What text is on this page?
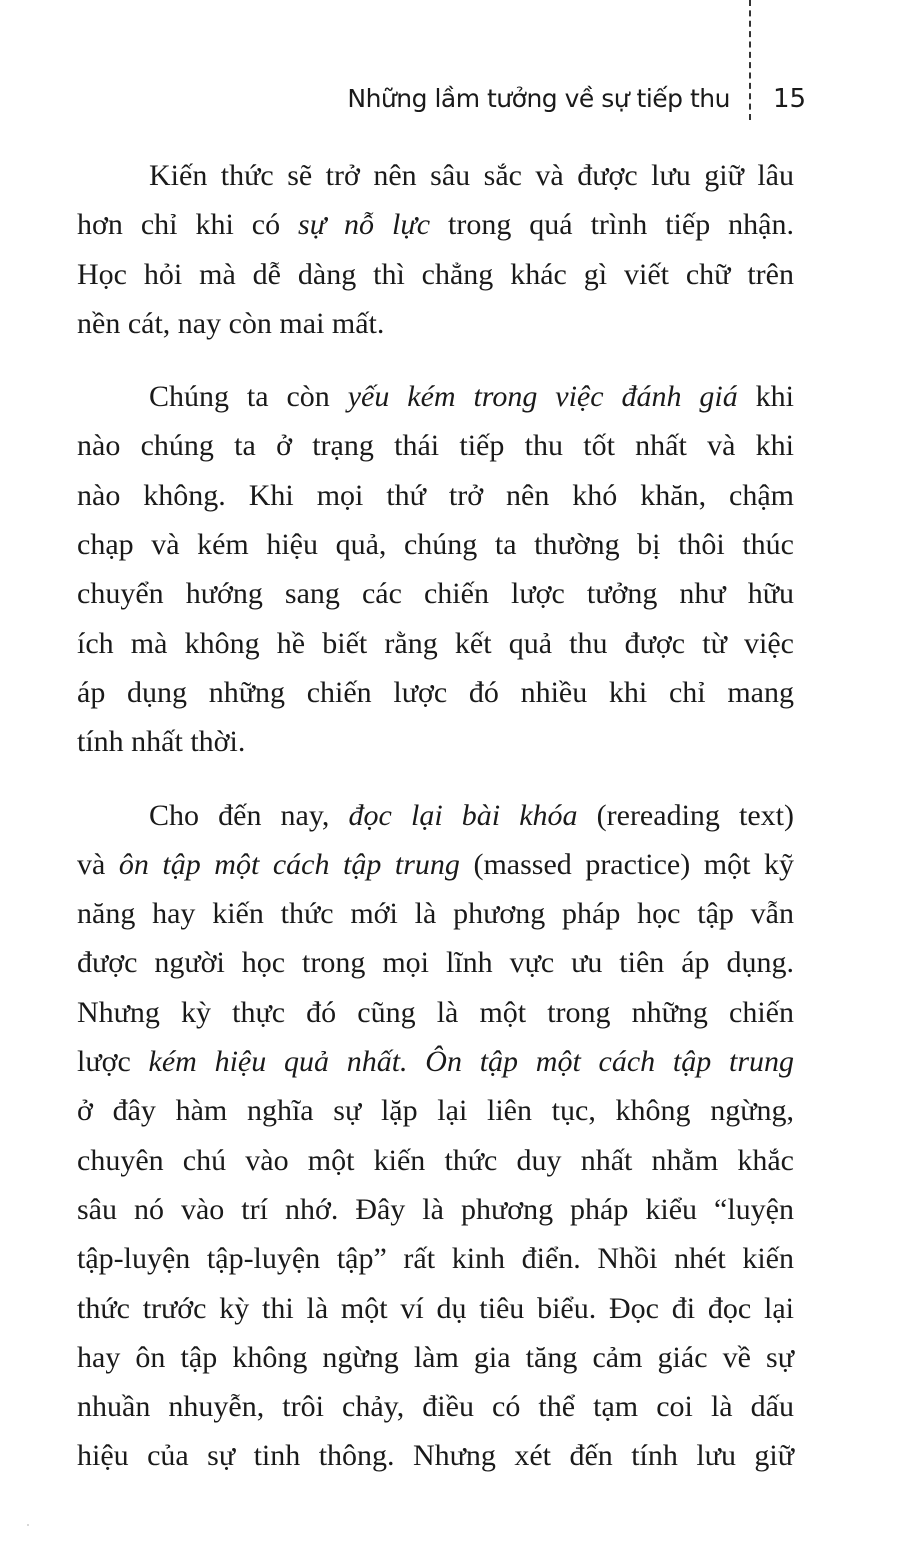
Những lầm tưởng về sự tiếp thu 15
Kiến thức sẽ trở nên sâu sắc và được lưu giữ lâu
hơn chỉ khi có sự nỗ lực trong quá trình tiếp nhận.
Học hỏi mà dễ dàng thì chẳng khác gì viết chữ trên
nền cát, nay còn mai mất.
Chúng ta còn yếu kém trong việc đánh giá khi
nào chúng ta ở trạng thái tiếp thu tốt nhất và khi
nào không. Khi mọi thứ trở nên khó khăn, chậm
chạp và kém hiệu quả, chúng ta thường bị thôi thúc
chuyển hướng sang các chiến lược tưởng như hữu
ích mà không hề biết rằng kết quả thu được từ việc
áp dụng những chiến lược đó nhiều khi chỉ mang
tính nhất thời.
Cho đến nay, đọc lại bài khóa (rereading text)
và ôn tập một cách tập trung (massed practice) một kỹ
năng hay kiến thức mới là phương pháp học tập vẫn
được người học trong mọi lĩnh vực ưu tiên áp dụng.
Nhưng kỳ thực đó cũng là một trong những chiến
lược kém hiệu quả nhất. Ôn tập một cách tập trung
ở đây hàm nghĩa sự lặp lại liên tục, không ngừng,
chuyên chú vào một kiến thức duy nhất nhằm khắc
sâu nó vào trí nhớ. Đây là phương pháp kiểu “luyện
tập-luyện tập-luyện tập” rất kinh điển. Nhồi nhét kiến
thức trước kỳ thi là một ví dụ tiêu biểu. Đọc đi đọc lại
hay ôn tập không ngừng làm gia tăng cảm giác về sự
nhuần nhuyễn, trôi chảy, điều có thể tạm coi là dấu
hiệu của sự tinh thông. Nhưng xét đến tính lưu giữ
